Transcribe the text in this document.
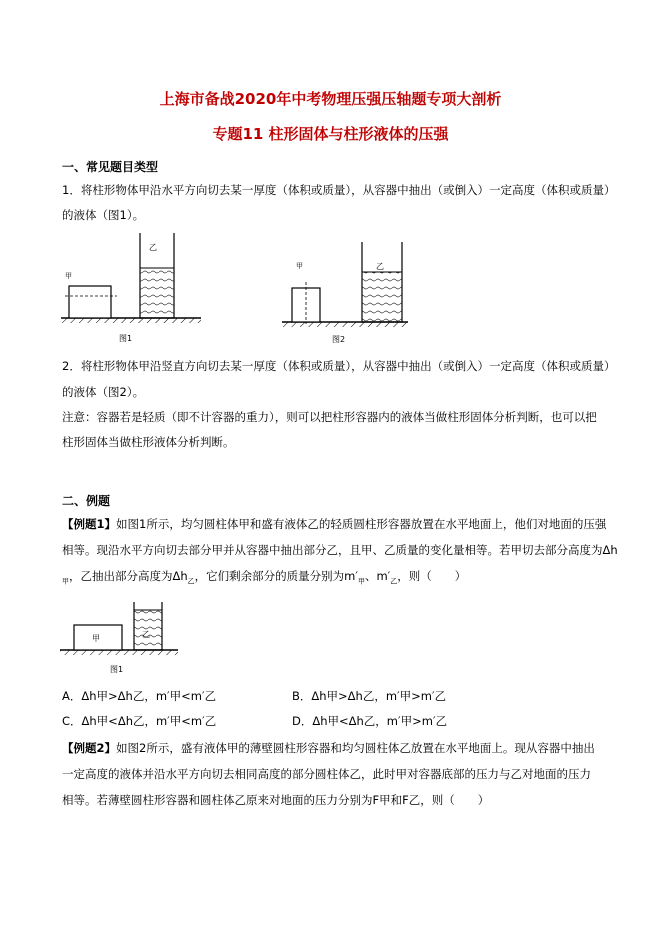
上海市备战2020年中考物理压强压轴题专项大剖析
专题11 柱形固体与柱形液体的压强
一、常见题目类型
1．将柱形物体甲沿水平方向切去某一厚度（体积或质量），从容器中抽出（或倒入）一定高度（体积或质量）
的液体（图1）。
甲
乙
图1
甲	乙
图2
2．将柱形物体甲沿竖直方向切去某一厚度（体积或质量），从容器中抽出（或倒入）一定高度（体积或质量）
的液体（图2）。
注意：容器若是轻质（即不计容器的重力），则可以把柱形容器内的液体当做柱形固体分析判断，也可以把
柱形固体当做柱形液体分析判断。
二、例题
【例题1】如图1所示，均匀圆柱体甲和盛有液体乙的轻质圆柱形容器放置在水平地面上，他们对地面的压强
相等。现沿水平方向切去部分甲并从容器中抽出部分乙，且甲、乙质量的变化量相等。若甲切去部分高度为Δh
$_甲$，乙抽出部分高度为$\Delta h_乙$，它们剩余部分的质量分别为$m'_甲$、$m'_乙$，则（　　）
甲	乙
图1
A．Δh甲>Δh乙，m′甲<m′乙	B．Δh甲>Δh乙，m′甲>m′乙
C．Δh甲<Δh乙，m′甲<m′乙	D．Δh甲<Δh乙，m′甲>m′乙
【例题2】如图2所示，盛有液体甲的薄壁圆柱形容器和均匀圆柱体乙放置在水平地面上。现从容器中抽出
一定高度的液体并沿水平方向切去相同高度的部分圆柱体乙，此时甲对容器底部的压力与乙对地面的压力
相等。若薄壁圆柱形容器和圆柱体乙原来对地面的压力分别为F甲和F乙，则（　　）
